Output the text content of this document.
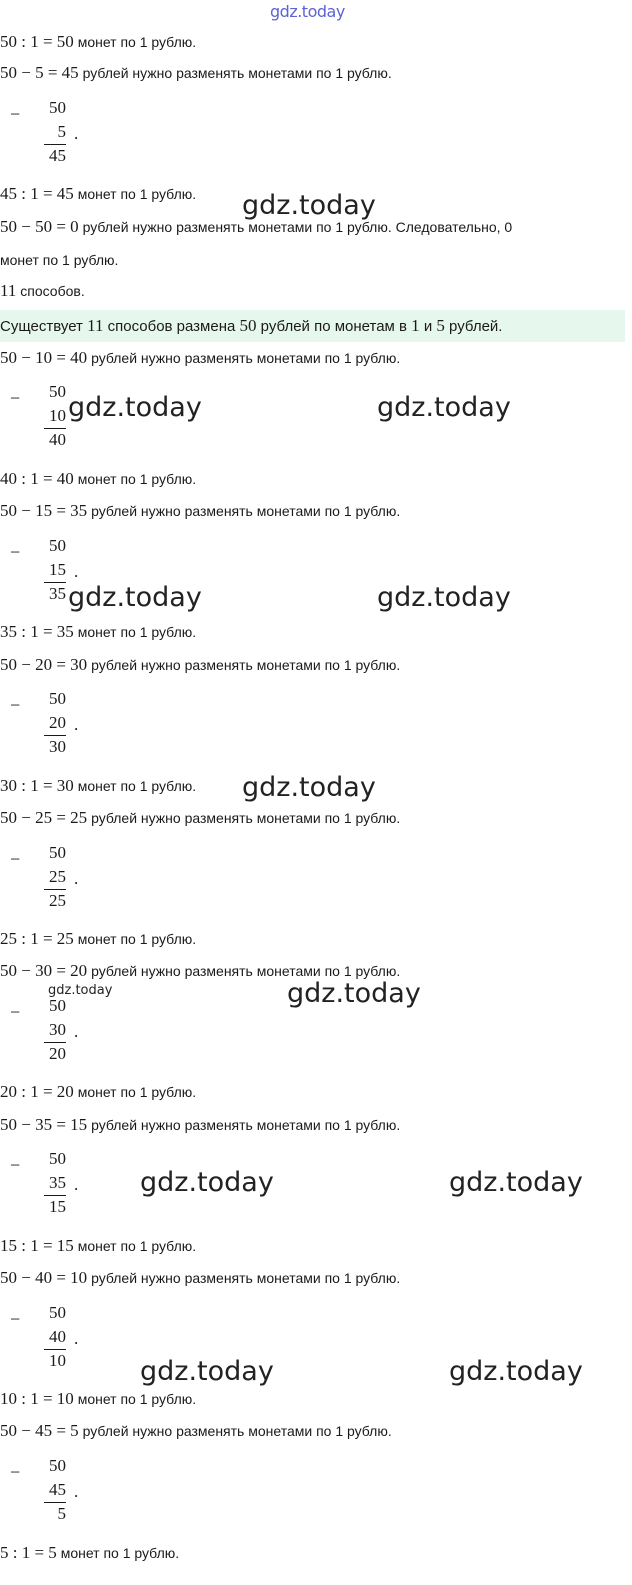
gdz.today
50 : 1 = 50 монет по 1 рублю.
50 − 5 = 45 рублей нужно разменять монетами по 1 рублю.
− 50
5
45
.
45 : 1 = 45 монет по 1 рублю.
50 − 50 = 0 рублей нужно разменять монетами по 1 рублю. Следовательно, 0
монет по 1 рублю.
11 способов.
Существует 11 способов размена 50 рублей по монетам в 1 и 5 рублей.
50 − 10 = 40 рублей нужно разменять монетами по 1 рублю.
− 50
10
40
40 : 1 = 40 монет по 1 рублю.
50 − 15 = 35 рублей нужно разменять монетами по 1 рублю.
− 50
15
35
.
35 : 1 = 35 монет по 1 рублю.
50 − 20 = 30 рублей нужно разменять монетами по 1 рублю.
− 50
20
30
.
30 : 1 = 30 монет по 1 рублю.
50 − 25 = 25 рублей нужно разменять монетами по 1 рублю.
− 50
25
25
.
25 : 1 = 25 монет по 1 рублю.
50 − 30 = 20 рублей нужно разменять монетами по 1 рублю.
− 50
30
20
.
20 : 1 = 20 монет по 1 рублю.
50 − 35 = 15 рублей нужно разменять монетами по 1 рублю.
− 50
35
15
.
15 : 1 = 15 монет по 1 рублю.
50 − 40 = 10 рублей нужно разменять монетами по 1 рублю.
− 50
40
10
.
10 : 1 = 10 монет по 1 рублю.
50 − 45 = 5 рублей нужно разменять монетами по 1 рублю.
− 50
45
5
.
5 : 1 = 5 монет по 1 рублю.
gdz.today
gdz.today	gdz.today
gdz.today	gdz.today
gdz.today
gdz.today	gdz.today
gdz.today	gdz.today
gdz.today	gdz.today
